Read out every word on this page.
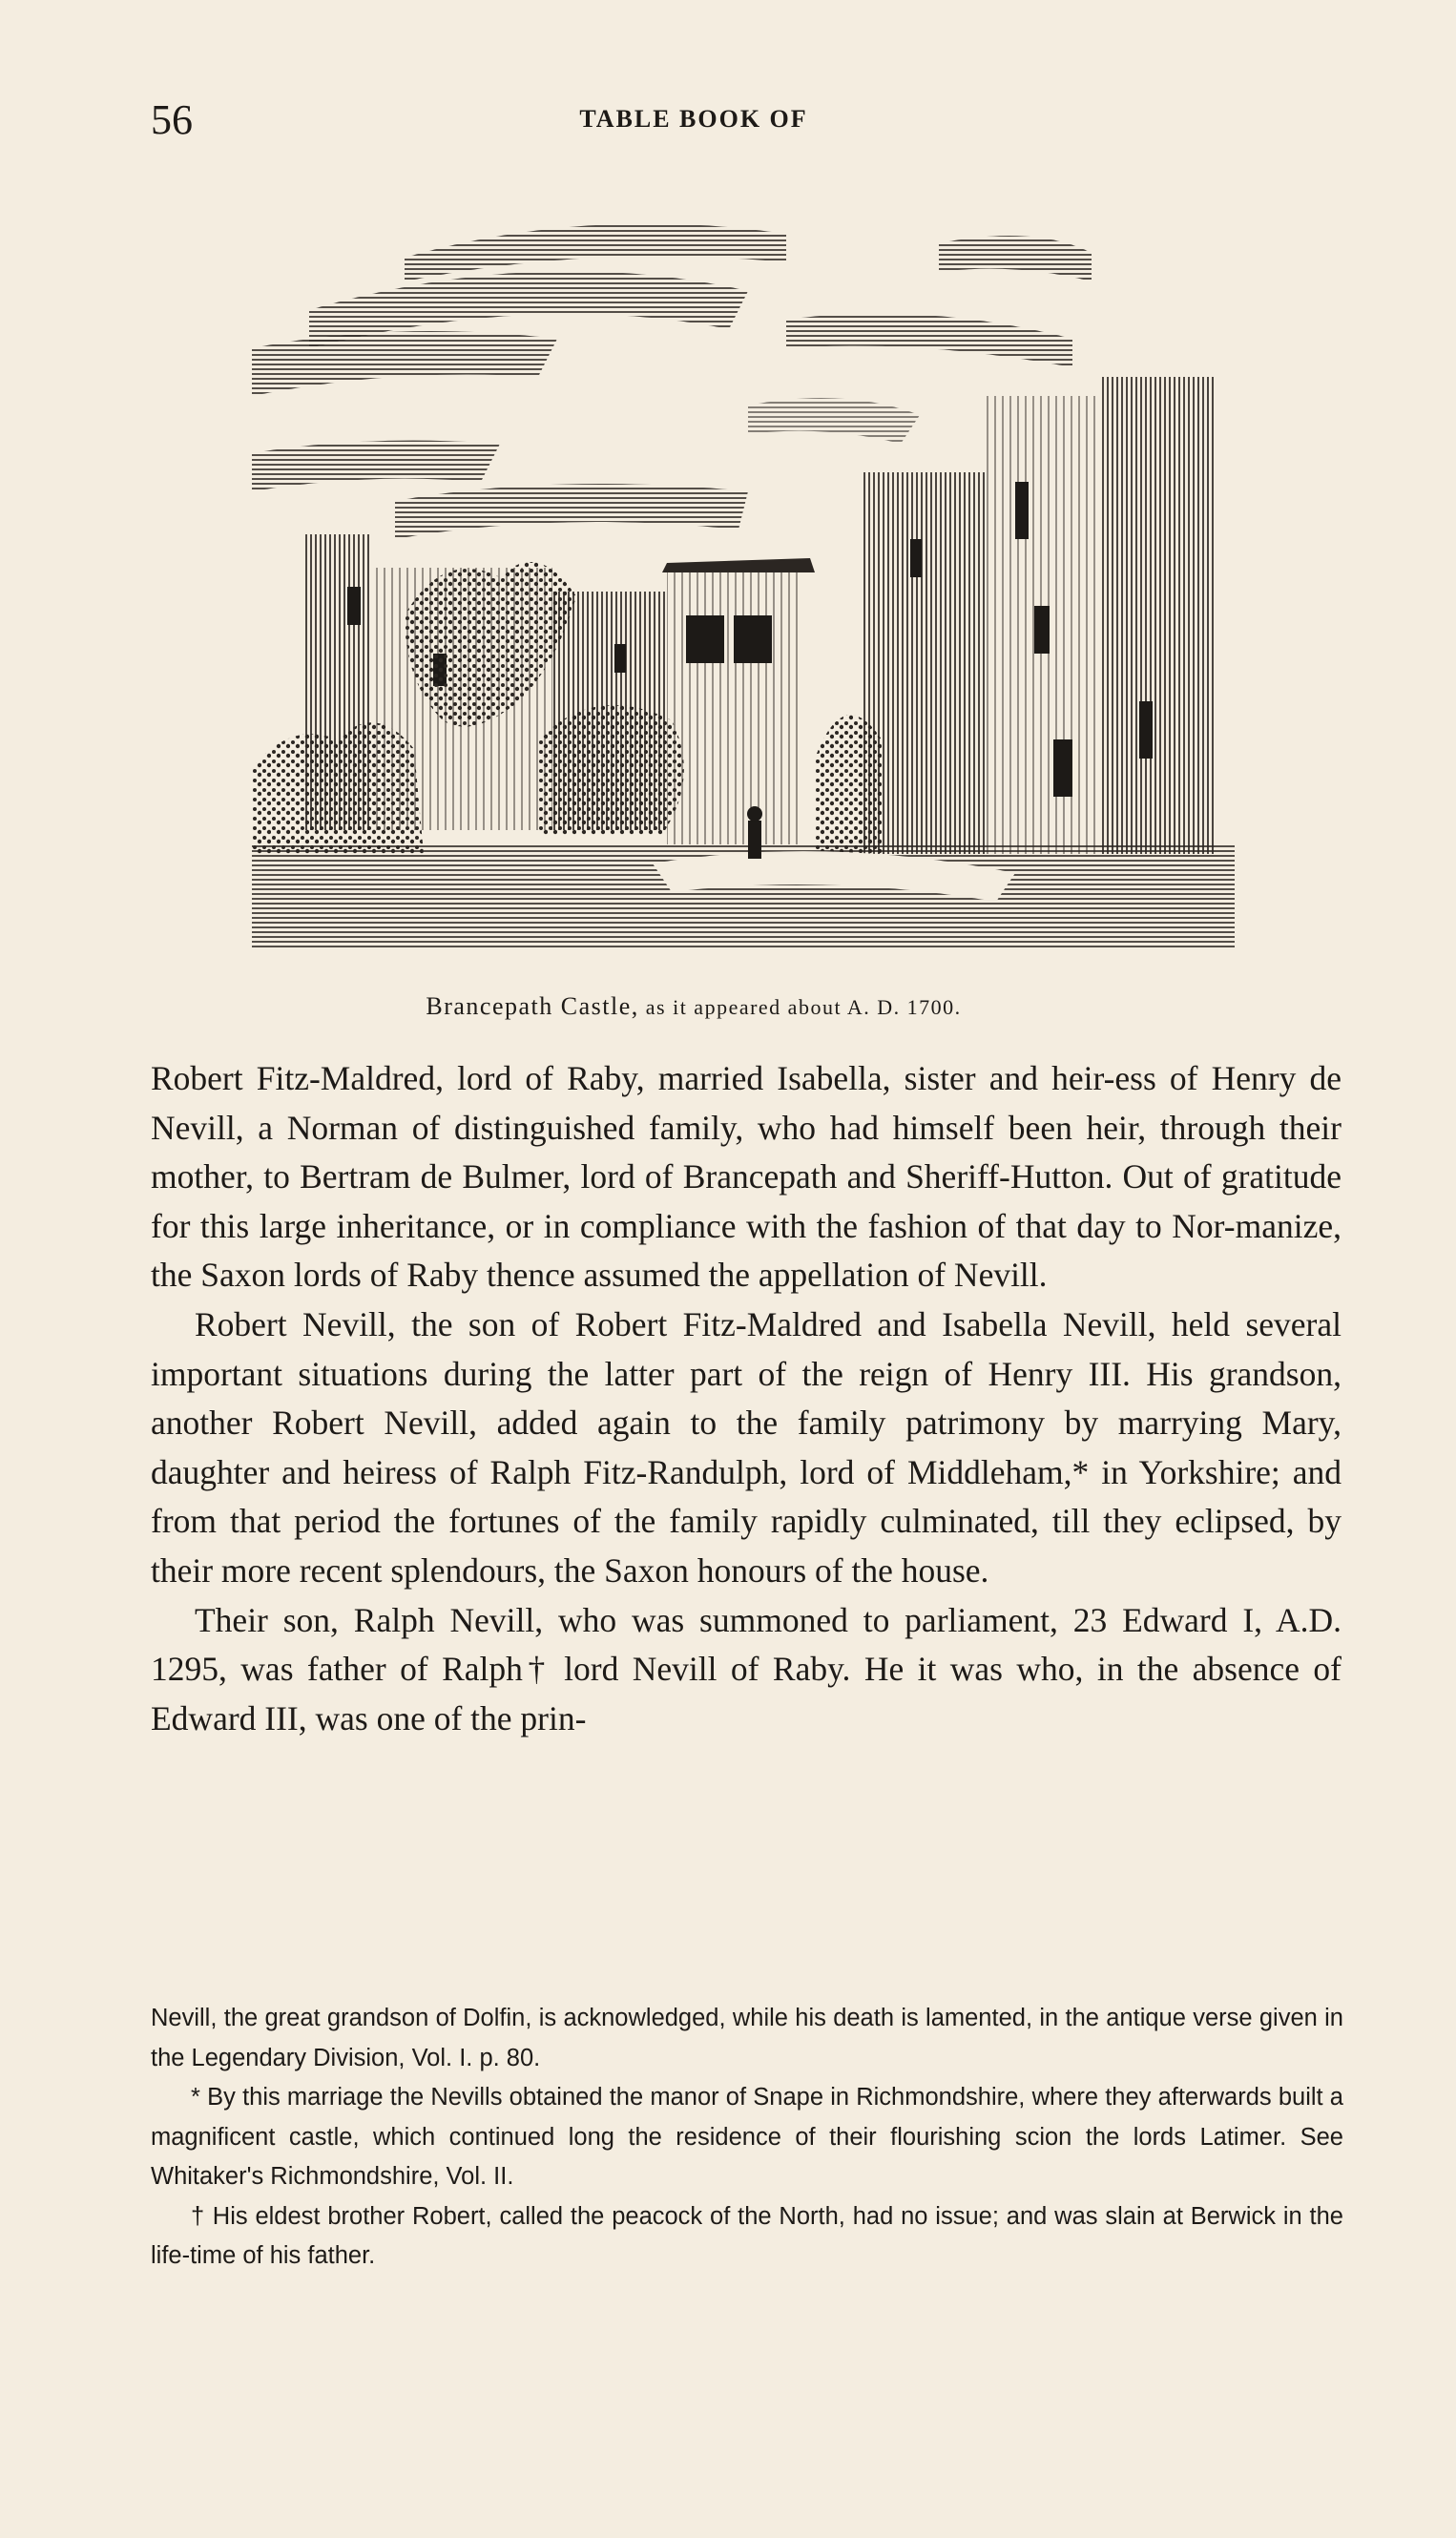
56	TABLE BOOK OF
Brancepath Castle, as it appeared about A. D. 1700.

Robert Fitz-Maldred, lord of Raby, married Isabella, sister and heir-ess of Henry de Nevill, a Norman of distinguished family, who had himself been heir, through their mother, to Bertram de Bulmer, lord of Brancepath and Sheriff-Hutton. Out of gratitude for this large inheritance, or in compliance with the fashion of that day to Nor-manize, the Saxon lords of Raby thence assumed the appellation of Nevill.

Robert Nevill, the son of Robert Fitz-Maldred and Isabella Nevill, held several important situations during the latter part of the reign of Henry III. His grandson, another Robert Nevill, added again to the family patrimony by marrying Mary, daughter and heiress of Ralph Fitz-Randulph, lord of Middleham,* in Yorkshire; and from that period the fortunes of the family rapidly culminated, till they eclipsed, by their more recent splendours, the Saxon honours of the house.

Their son, Ralph Nevill, who was summoned to parliament, 23 Edward I, A.D. 1295, was father of Ralph† lord Nevill of Raby. He it was who, in the absence of Edward III, was one of the prin-

Nevill, the great grandson of Dolfin, is acknowledged, while his death is lamented, in the antique verse given in the Legendary Division, Vol. I. p. 80.

* By this marriage the Nevills obtained the manor of Snape in Richmondshire, where they afterwards built a magnificent castle, which continued long the residence of their flourishing scion the lords Latimer. See Whitaker's Richmondshire, Vol. II.

† His eldest brother Robert, called the peacock of the North, had no issue; and was slain at Berwick in the life-time of his father.
